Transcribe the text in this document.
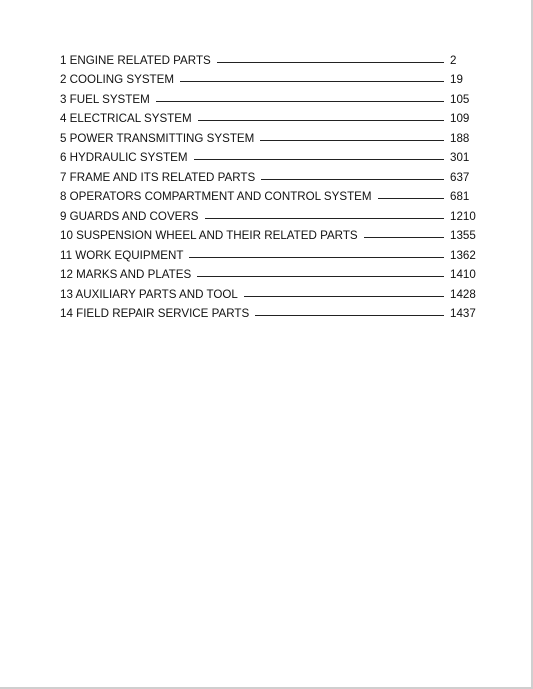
1 ENGINE RELATED PARTS	2
2 COOLING SYSTEM	19
3 FUEL SYSTEM	105
4 ELECTRICAL SYSTEM	109
5 POWER TRANSMITTING SYSTEM	188
6 HYDRAULIC SYSTEM	301
7 FRAME AND ITS RELATED PARTS	637
8 OPERATORS COMPARTMENT AND CONTROL SYSTEM	681
9 GUARDS AND COVERS	1210
10 SUSPENSION WHEEL AND THEIR RELATED PARTS	1355
11 WORK EQUIPMENT	1362
12 MARKS AND PLATES	1410
13 AUXILIARY PARTS AND TOOL	1428
14 FIELD REPAIR SERVICE PARTS	1437
